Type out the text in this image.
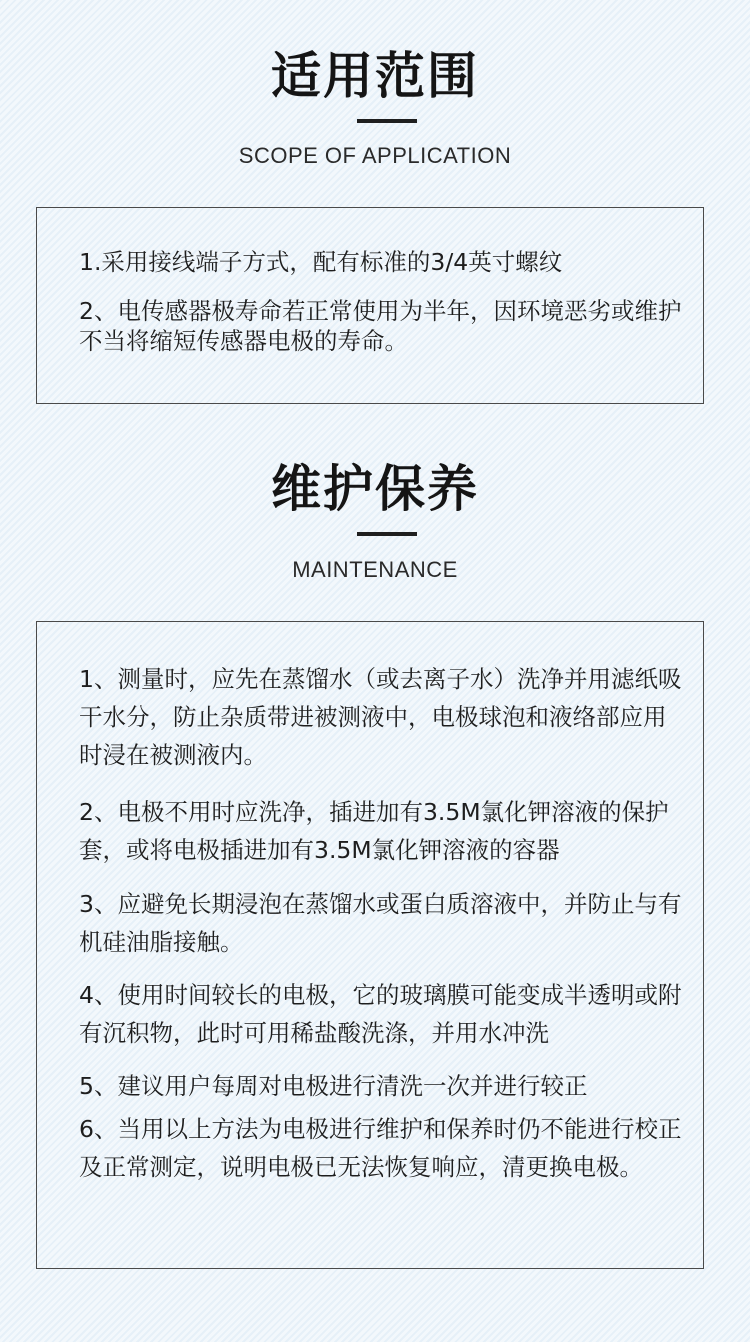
适用范围
SCOPE OF APPLICATION

1.采用接线端子方式，配有标准的3/4英寸螺纹

2、电传感器极寿命若正常使用为半年，因环境恶劣或维护不当将缩短传感器电极的寿命。

维护保养
MAINTENANCE

1、测量时，应先在蒸馏水（或去离子水）洗净并用滤纸吸干水分，防止杂质带进被测液中，电极球泡和液络部应用时浸在被测液内。

2、电极不用时应洗净，插进加有3.5M氯化钾溶液的保护套，或将电极插进加有3.5M氯化钾溶液的容器

3、应避免长期浸泡在蒸馏水或蛋白质溶液中，并防止与有机硅油脂接触。

4、使用时间较长的电极，它的玻璃膜可能变成半透明或附有沉积物，此时可用稀盐酸洗涤，并用水冲洗

5、建议用户每周对电极进行清洗一次并进行较正

6、当用以上方法为电极进行维护和保养时仍不能进行校正及正常测定，说明电极已无法恢复响应，清更换电极。
